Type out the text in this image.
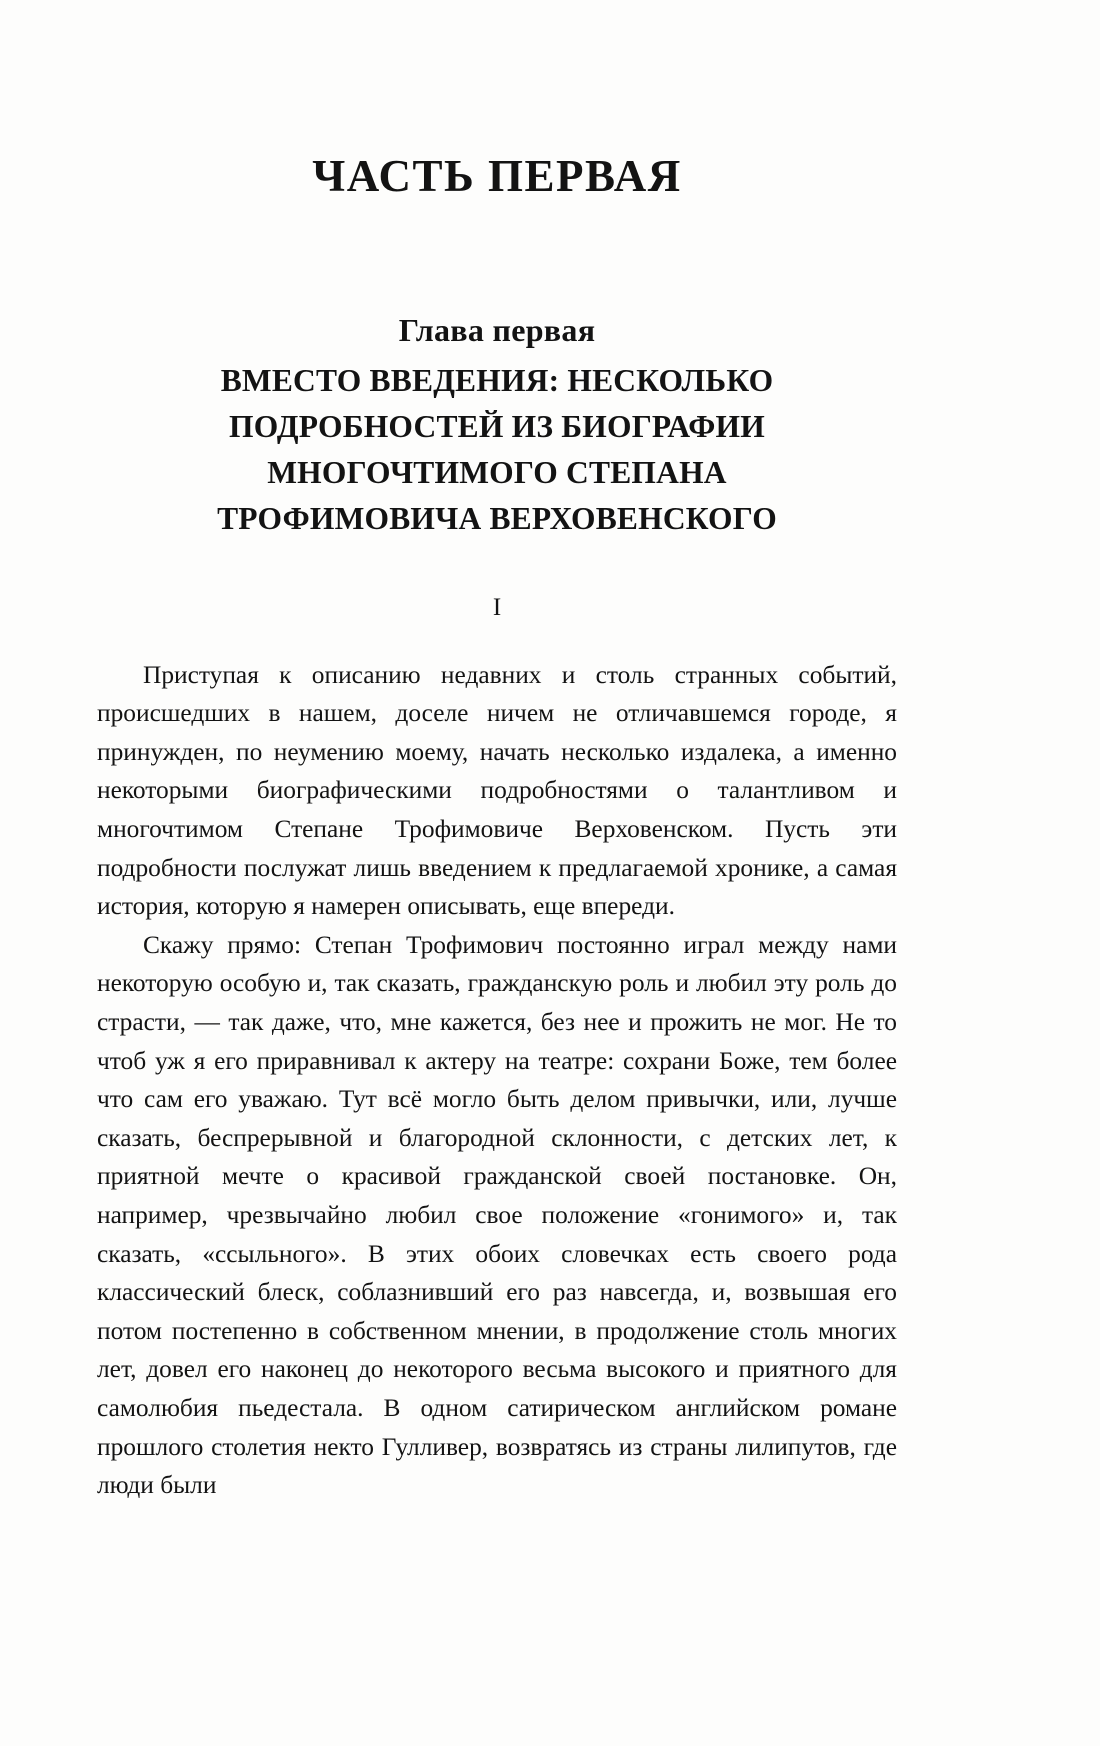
ЧАСТЬ ПЕРВАЯ
Глава первая
ВМЕСТО ВВЕДЕНИЯ: НЕСКОЛЬКО
ПОДРОБНОСТЕЙ ИЗ БИОГРАФИИ
МНОГОЧТИМОГО СТЕПАНА
ТРОФИМОВИЧА ВЕРХОВЕНСКОГО
I

Приступая к описанию недавних и столь странных событий, происшедших в нашем, доселе ничем не отличавшемся городе, я принужден, по неумению моему, начать несколько издалека, а именно некоторыми биографическими подробностями о талантливом и многочтимом Степане Трофимовиче Верховенском. Пусть эти подробности послужат лишь введением к предлагаемой хронике, а самая история, которую я намерен описывать, еще впереди.

Скажу прямо: Степан Трофимович постоянно играл между нами некоторую особую и, так сказать, гражданскую роль и любил эту роль до страсти, — так даже, что, мне кажется, без нее и прожить не мог. Не то чтоб уж я его приравнивал к актеру на театре: сохрани Боже, тем более что сам его уважаю. Тут всё могло быть делом привычки, или, лучше сказать, беспрерывной и благородной склонности, с детских лет, к приятной мечте о красивой гражданской своей постановке. Он, например, чрезвычайно любил свое положение «гонимого» и, так сказать, «ссыльного». В этих обоих словечках есть своего рода классический блеск, соблазнивший его раз навсегда, и, возвышая его потом постепенно в собственном мнении, в продолжение столь многих лет, довел его наконец до некоторого весьма высокого и приятного для самолюбия пьедестала. В одном сатирическом английском романе прошлого столетия некто Гулливер, возвратясь из страны лилипутов, где люди были
